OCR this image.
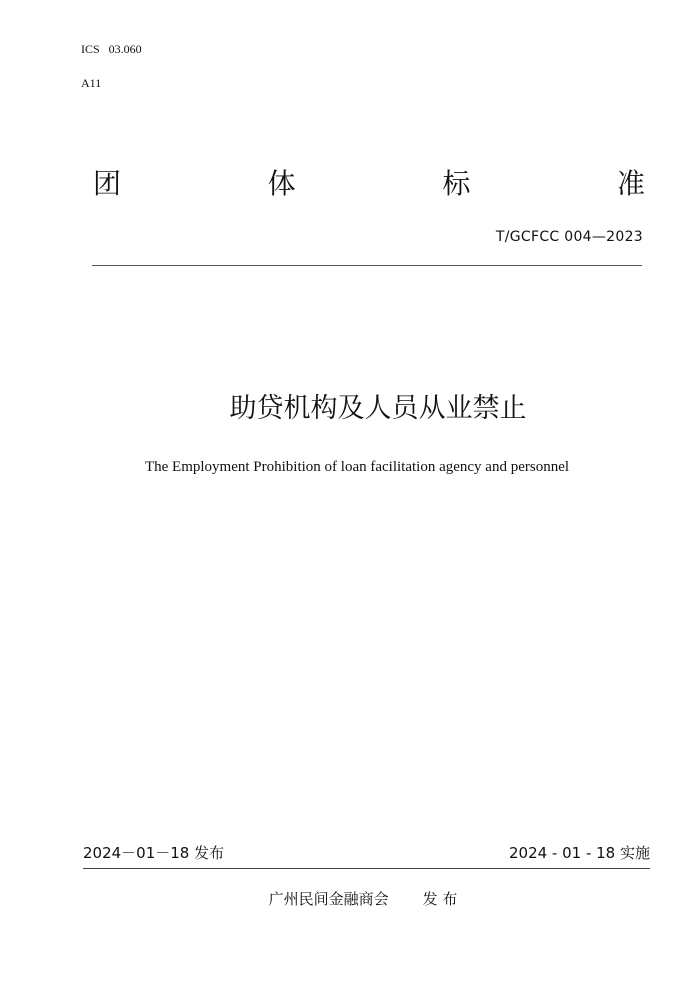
ICS   03.060
A11
团	体	标	准
T/GCFCC 004—2023
助贷机构及人员从业禁止
The Employment Prohibition of loan facilitation agency and personnel
2024－01－18 发布	2024 - 01 - 18 实施
广州民间金融商会 发 布
